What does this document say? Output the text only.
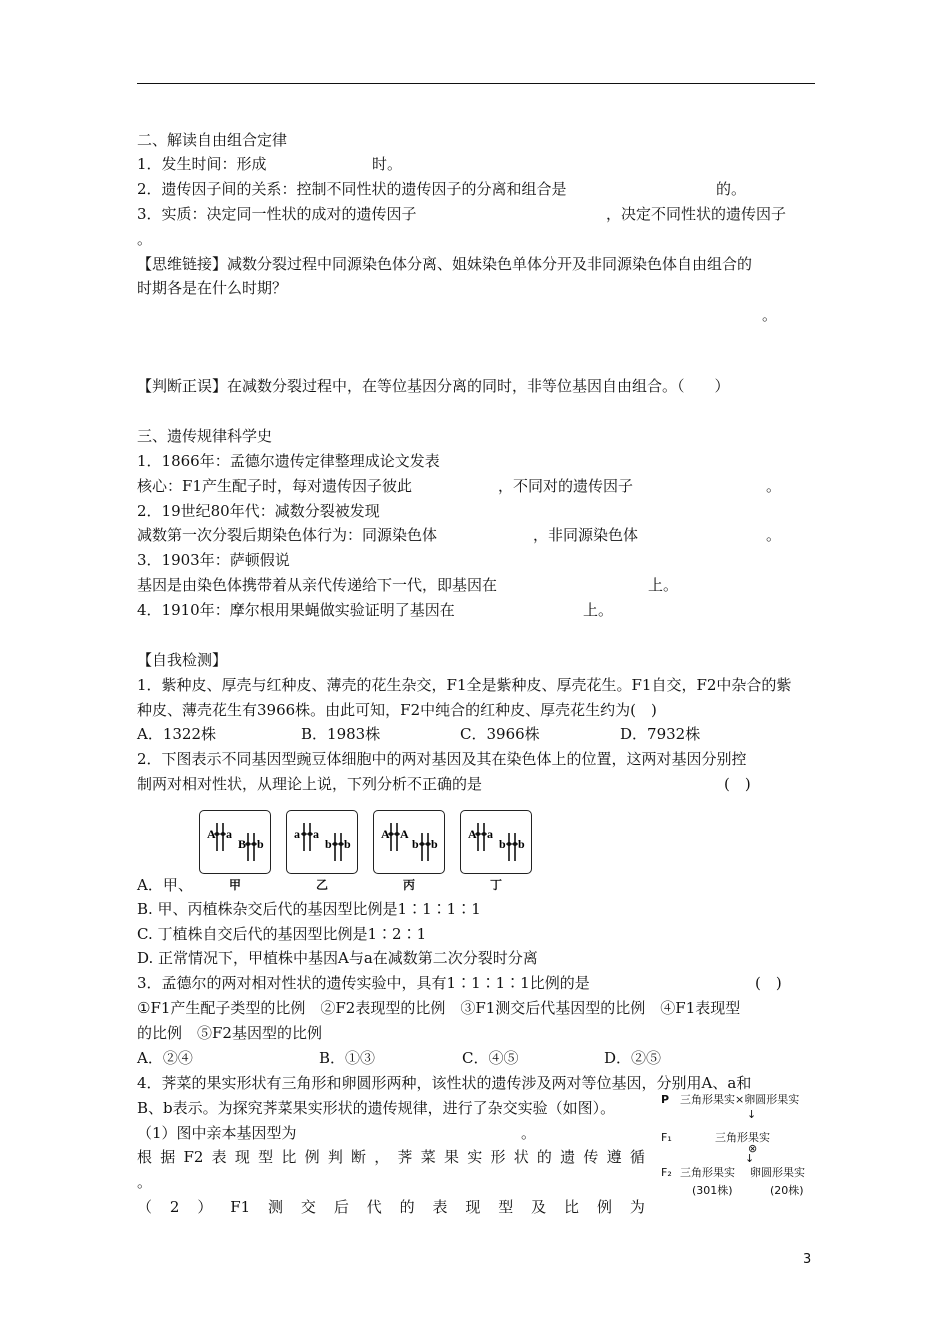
二、解读自由组合定律
1．发生时间：形成	时。
2．遗传因子间的关系：控制不同性状的遗传因子的分离和组合是	的。
3．实质：决定同一性状的成对的遗传因子	，决定不同性状的遗传因子
。
【思维链接】减数分裂过程中同源染色体分离、姐妹染色单体分开及非同源染色体自由组合的
时期各是在什么时期？
。
【判断正误】在减数分裂过程中，在等位基因分离的同时，非等位基因自由组合。（　　）
三、遗传规律科学史
1．1866年：孟德尔遗传定律整理成论文发表
核心：F1产生配子时，每对遗传因子彼此	，不同对的遗传因子	。
2．19世纪80年代：减数分裂被发现
减数第一次分裂后期染色体行为：同源染色体	，非同源染色体	。
3．1903年：萨顿假说
基因是由染色体携带着从亲代传递给下一代，即基因在	上。
4．1910年：摩尔根用果蝇做实验证明了基因在	上。
【自我检测】
1．紫种皮、厚壳与红种皮、薄壳的花生杂交，F1全是紫种皮、厚壳花生。F1自交，F2中杂合的紫
种皮、薄壳花生有3966株。由此可知，F2中纯合的红种皮、厚壳花生约为(　)
A．1322株	B．1983株	C．3966株	D．7932株
2．下图表示不同基因型豌豆体细胞中的两对基因及其在染色体上的位置，这两对基因分别控
制两对相对性状，从理论上说，下列分析不正确的是	(　)
A a
B b
a a
b b
A A
b b
A a
b b
甲	乙	丙	丁
A．甲、
B. 甲、丙植株杂交后代的基因型比例是1∶1∶1∶1
C. 丁植株自交后代的基因型比例是1∶2∶1
D. 正常情况下，甲植株中基因A与a在减数第二次分裂时分离
3．孟德尔的两对相对性状的遗传实验中，具有1∶1∶1∶1比例的是	(　)
①F1产生配子类型的比例　②F2表现型的比例　③F1测交后代基因型的比例　④F1表现型
的比例　⑤F2基因型的比例
A．②④	B．①③	C．④⑤	D．②⑤
4．荠菜的果实形状有三角形和卵圆形两种，该性状的遗传涉及两对等位基因，分别用A、a和
B、b表示。为探究荠菜果实形状的遗传规律，进行了杂交实验（如图）。
（1）图中亲本基因型为	。
根 据 F2 表 现 型 比 例 判 断 ， 荠 菜 果 实 形 状 的 遗 传 遵 循
。
（ 2 ） F1 测 交 后 代 的 表 现 型 及 比 例 为
P 三角形果实×卵圆形果实
↓
F₁	三角形果实
⊗
↓
F₂ 三角形果实 卵圆形果实
(301株)	(20株)
3
